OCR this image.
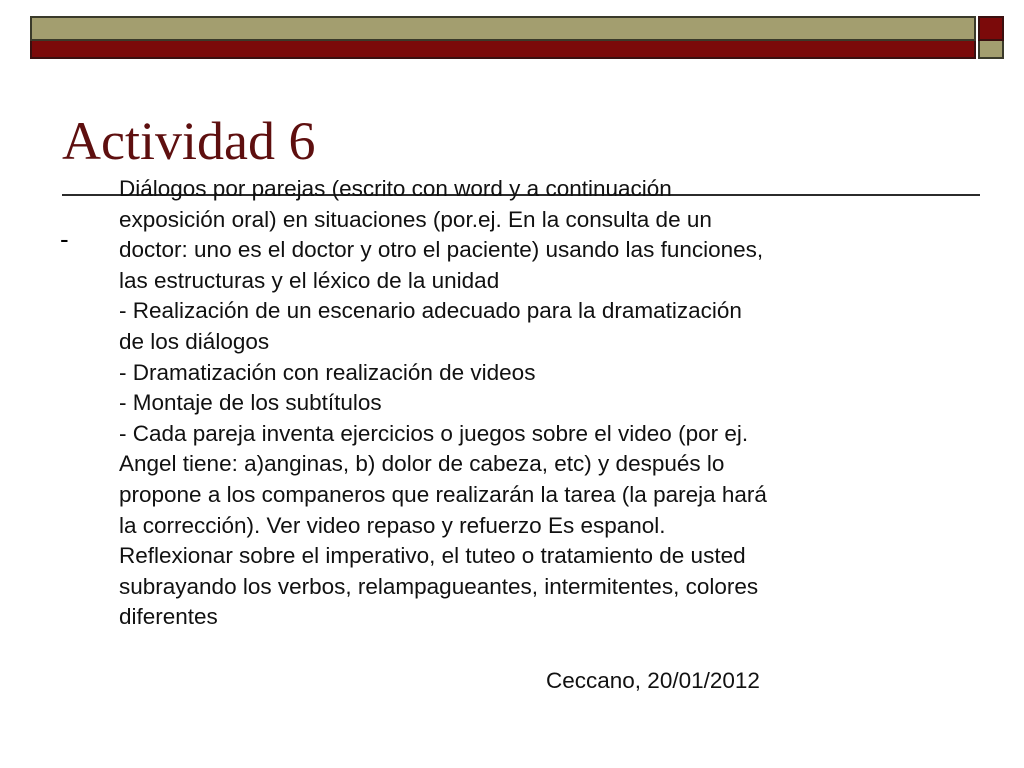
Actividad 6
-
Diálogos por parejas (escrito con word y a continuación
exposición oral) en situaciones (por.ej. En la consulta de un
doctor: uno es el doctor y otro el paciente) usando las funciones,
las estructuras y el léxico de la unidad
- Realización de un escenario adecuado para la dramatización
de los diálogos
- Dramatización con realización de videos
- Montaje de los subtítulos
- Cada pareja inventa ejercicios o juegos sobre el video (por ej.
Angel tiene: a)anginas, b) dolor de cabeza, etc) y después lo
propone a los companeros que realizarán la tarea (la pareja hará
la corrección). Ver video repaso y refuerzo Es espanol.
Reflexionar sobre el imperativo, el tuteo o tratamiento de usted
subrayando los verbos, relampagueantes, intermitentes, colores
diferentes
Ceccano, 20/01/2012
